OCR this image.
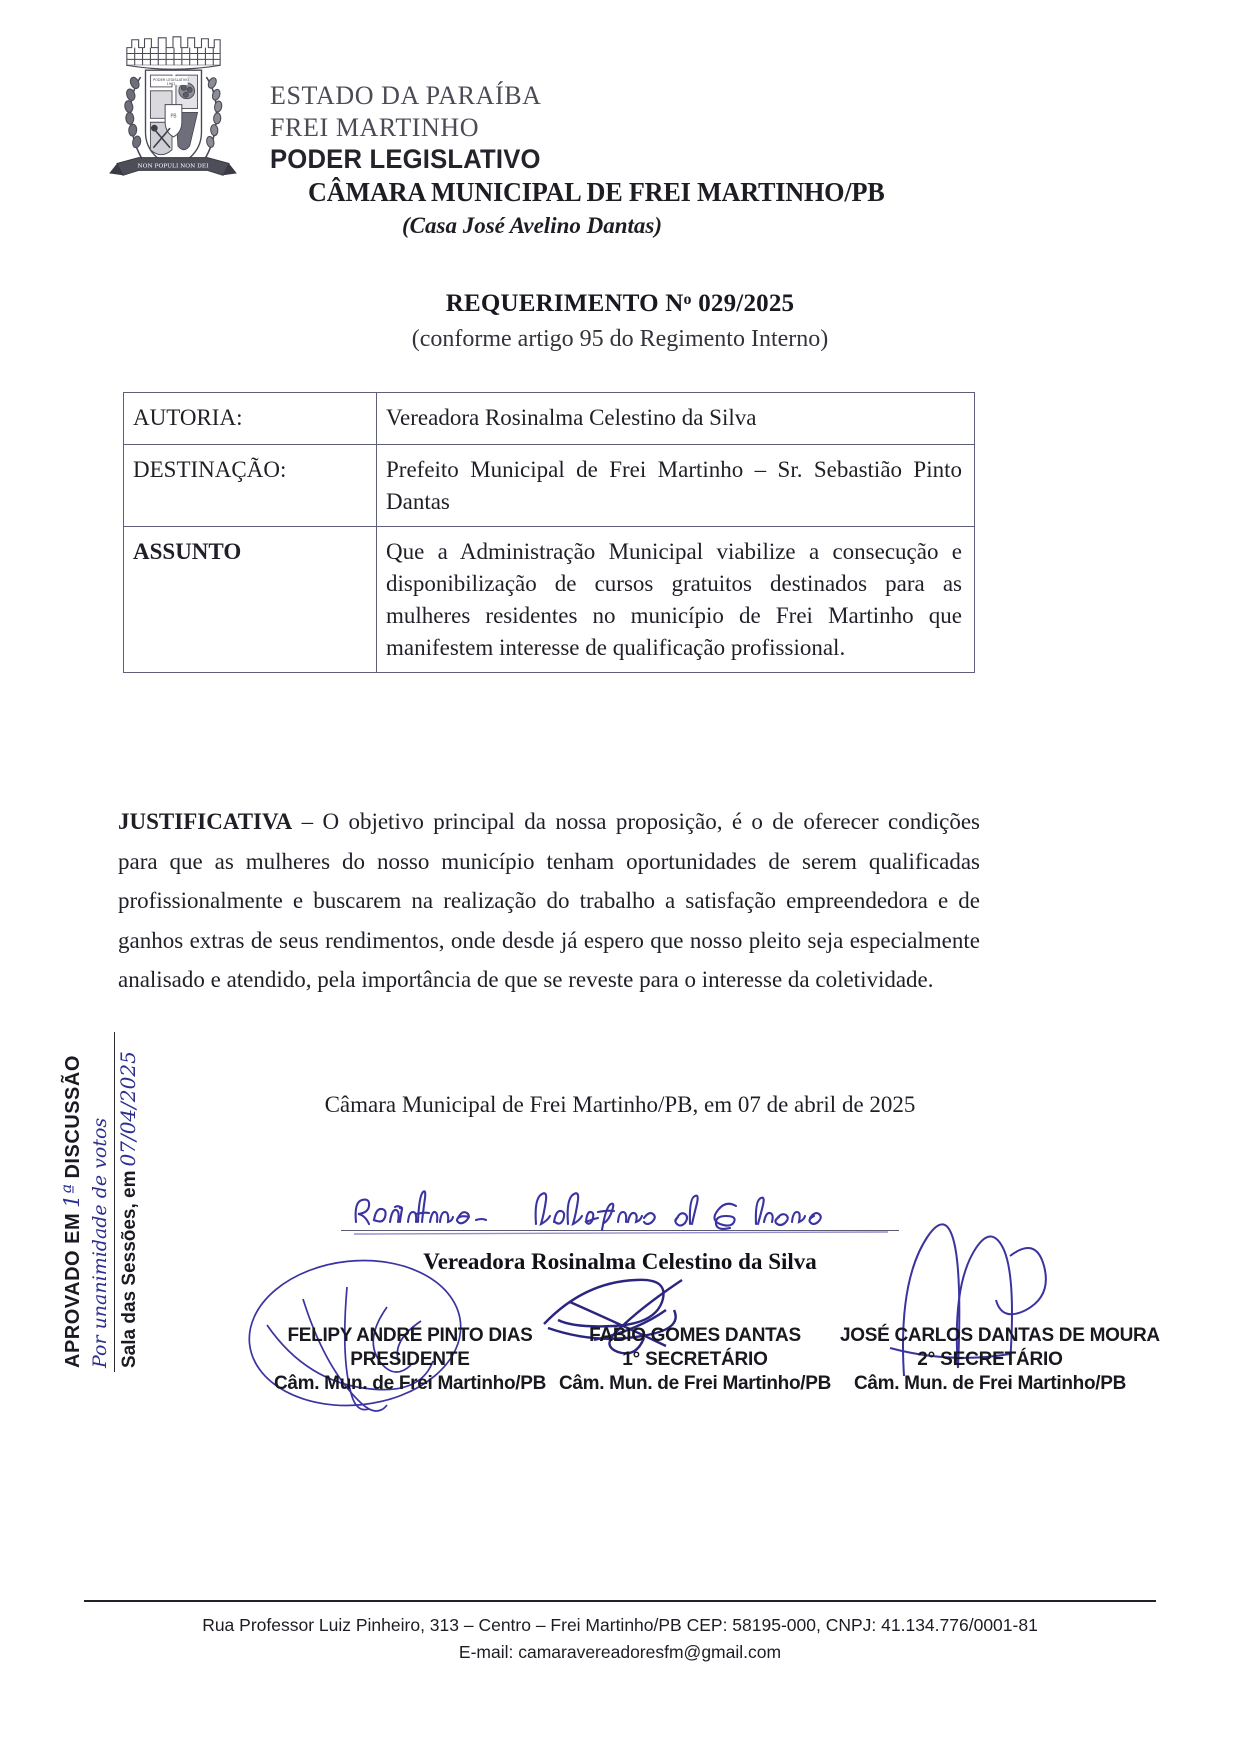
PB
PODER LEGISLATIVO
1961
NON POPULI NON DEI
ESTADO DA PARAÍBA
FREI MARTINHO
PODER LEGISLATIVO
CÂMARA MUNICIPAL DE FREI MARTINHO/PB
(Casa José Avelino Dantas)
REQUERIMENTO $N^o$ 029/2025
(conforme artigo 95 do Regimento Interno)
AUTORIA:	Vereadora Rosinalma Celestino da Silva
DESTINAÇÃO:	Prefeito Municipal de Frei Martinho – Sr. Sebastião Pinto Dantas
ASSUNTO	Que a Administração Municipal viabilize a consecução e disponibilização de cursos gratuitos destinados para as mulheres residentes no município de Frei Martinho que manifestem interesse de qualificação profissional.
JUSTIFICATIVA – O objetivo principal da nossa proposição, é o de oferecer condições para que as mulheres do nosso município tenham oportunidades de serem qualificadas profissionalmente e buscarem na realização do trabalho a satisfação empreendedora e de ganhos extras de seus rendimentos, onde desde já espero que nosso pleito seja especialmente analisado e atendido, pela importância de que se reveste para o interesse da coletividade.
Câmara Municipal de Frei Martinho/PB, em 07 de abril de 2025
APROVADO EM1ªDISCUSSÃO
Por unanimidade de votos Sala das Sessões, em07/04/2025
Vereadora Rosinalma Celestino da Silva
FELIPY ANDRE PINTO DIAS
PRESIDENTE
Câm. Mun. de Frei Martinho/PB
FABIO GOMES DANTAS
1° SECRETÁRIO
Câm. Mun. de Frei Martinho/PB
JOSÉ CARLOS DANTAS DE MOURA
2° SECRETÁRIO
Câm. Mun. de Frei Martinho/PB
Rua Professor Luiz Pinheiro, 313 – Centro – Frei Martinho/PB CEP: 58195-000, CNPJ: 41.134.776/0001-81
E-mail: camaravereadoresfm@gmail.com
